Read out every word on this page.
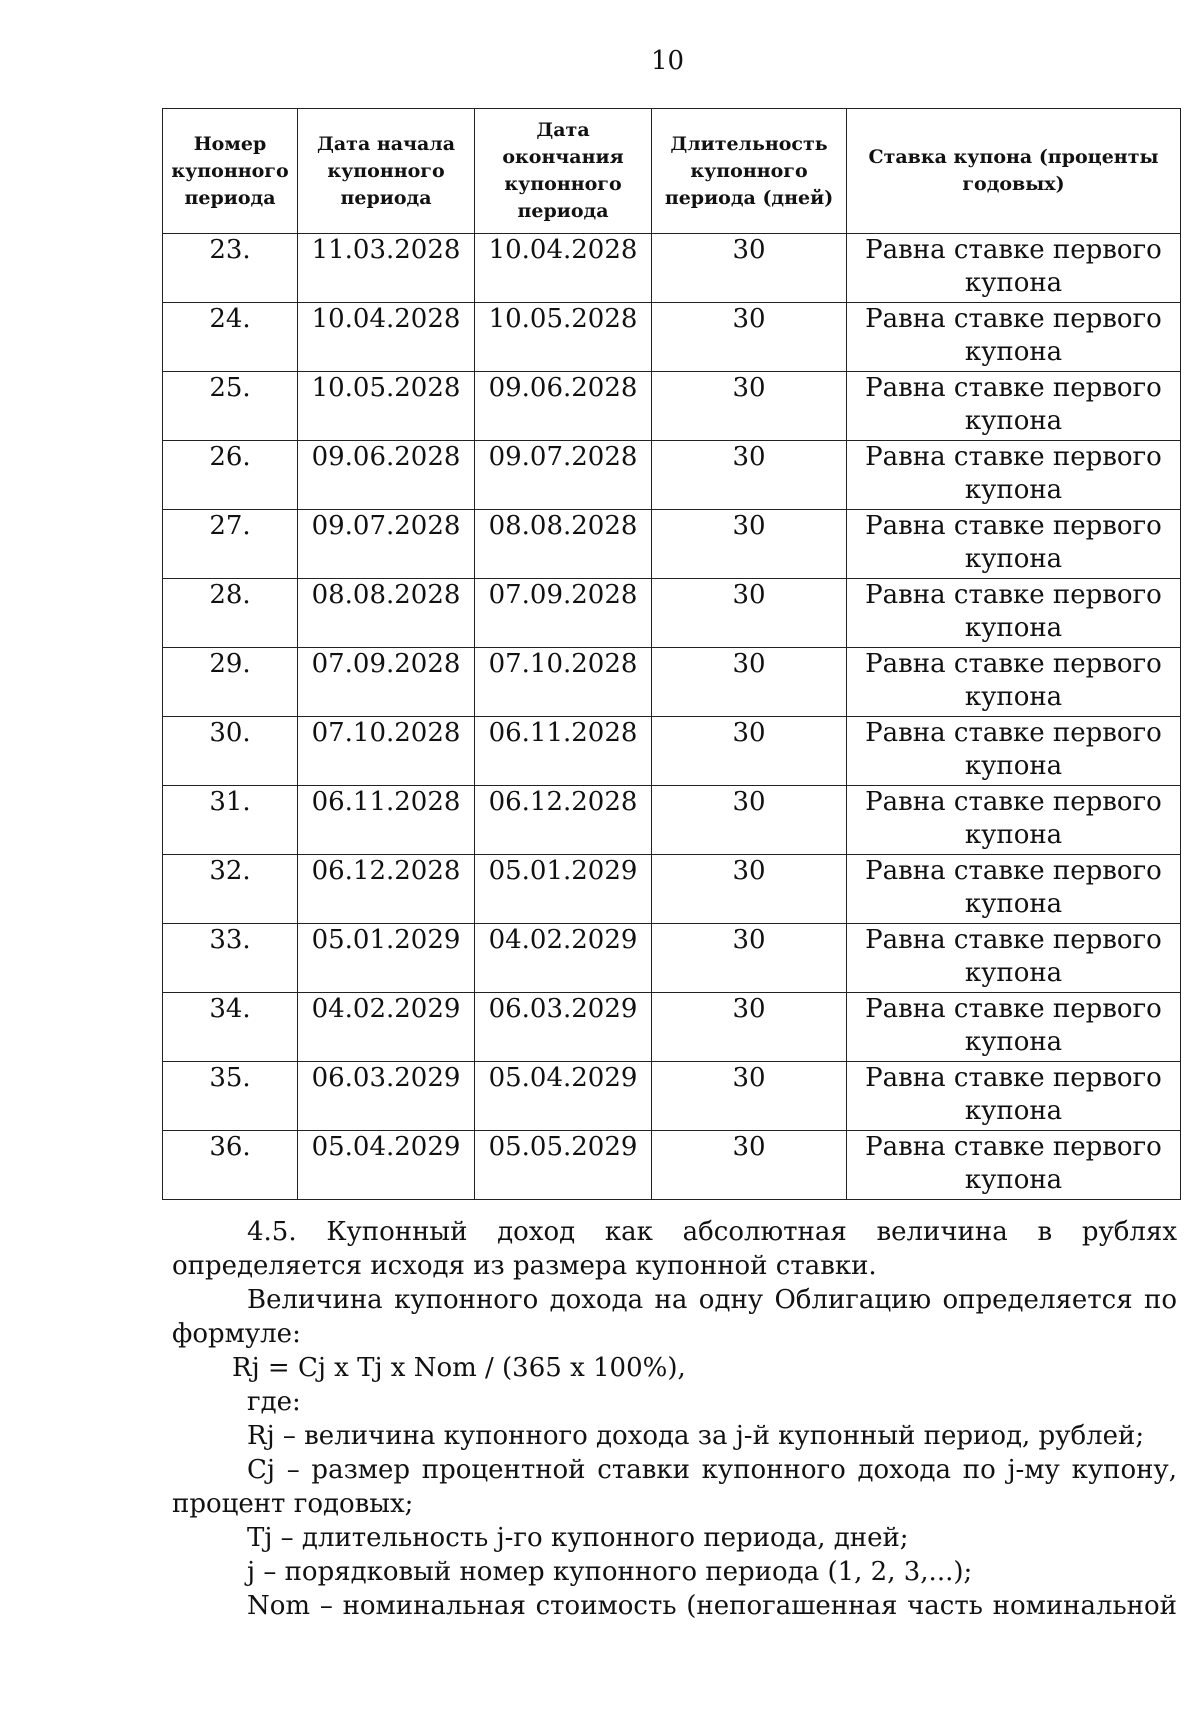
10
Номер купонного периода	Дата начала купонного периода	Дата окончания купонного периода	Длительность купонного периода (дней)	Ставка купона (проценты годовых)
23.	11.03.2028	10.04.2028	30	Равна ставке первого купона
24.	10.04.2028	10.05.2028	30	Равна ставке первого купона
25.	10.05.2028	09.06.2028	30	Равна ставке первого купона
26.	09.06.2028	09.07.2028	30	Равна ставке первого купона
27.	09.07.2028	08.08.2028	30	Равна ставке первого купона
28.	08.08.2028	07.09.2028	30	Равна ставке первого купона
29.	07.09.2028	07.10.2028	30	Равна ставке первого купона
30.	07.10.2028	06.11.2028	30	Равна ставке первого купона
31.	06.11.2028	06.12.2028	30	Равна ставке первого купона
32.	06.12.2028	05.01.2029	30	Равна ставке первого купона
33.	05.01.2029	04.02.2029	30	Равна ставке первого купона
34.	04.02.2029	06.03.2029	30	Равна ставке первого купона
35.	06.03.2029	05.04.2029	30	Равна ставке первого купона
36.	05.04.2029	05.05.2029	30	Равна ставке первого купона

4.5. Купонный доход как абсолютная величина в рублях определяется исходя из размера купонной ставки.

Величина купонного дохода на одну Облигацию определяется по формуле:

Rj = Cj x Tj x Nom / (365 x 100%),

где:

Rj – величина купонного дохода за j-й купонный период, рублей;

Cj – размер процентной ставки купонного дохода по j-му купону, процент годовых;

Tj – длительность j-го купонного периода, дней;

j – порядковый номер купонного периода (1, 2, 3,...);

Nom – номинальная стоимость (непогашенная часть номинальной
